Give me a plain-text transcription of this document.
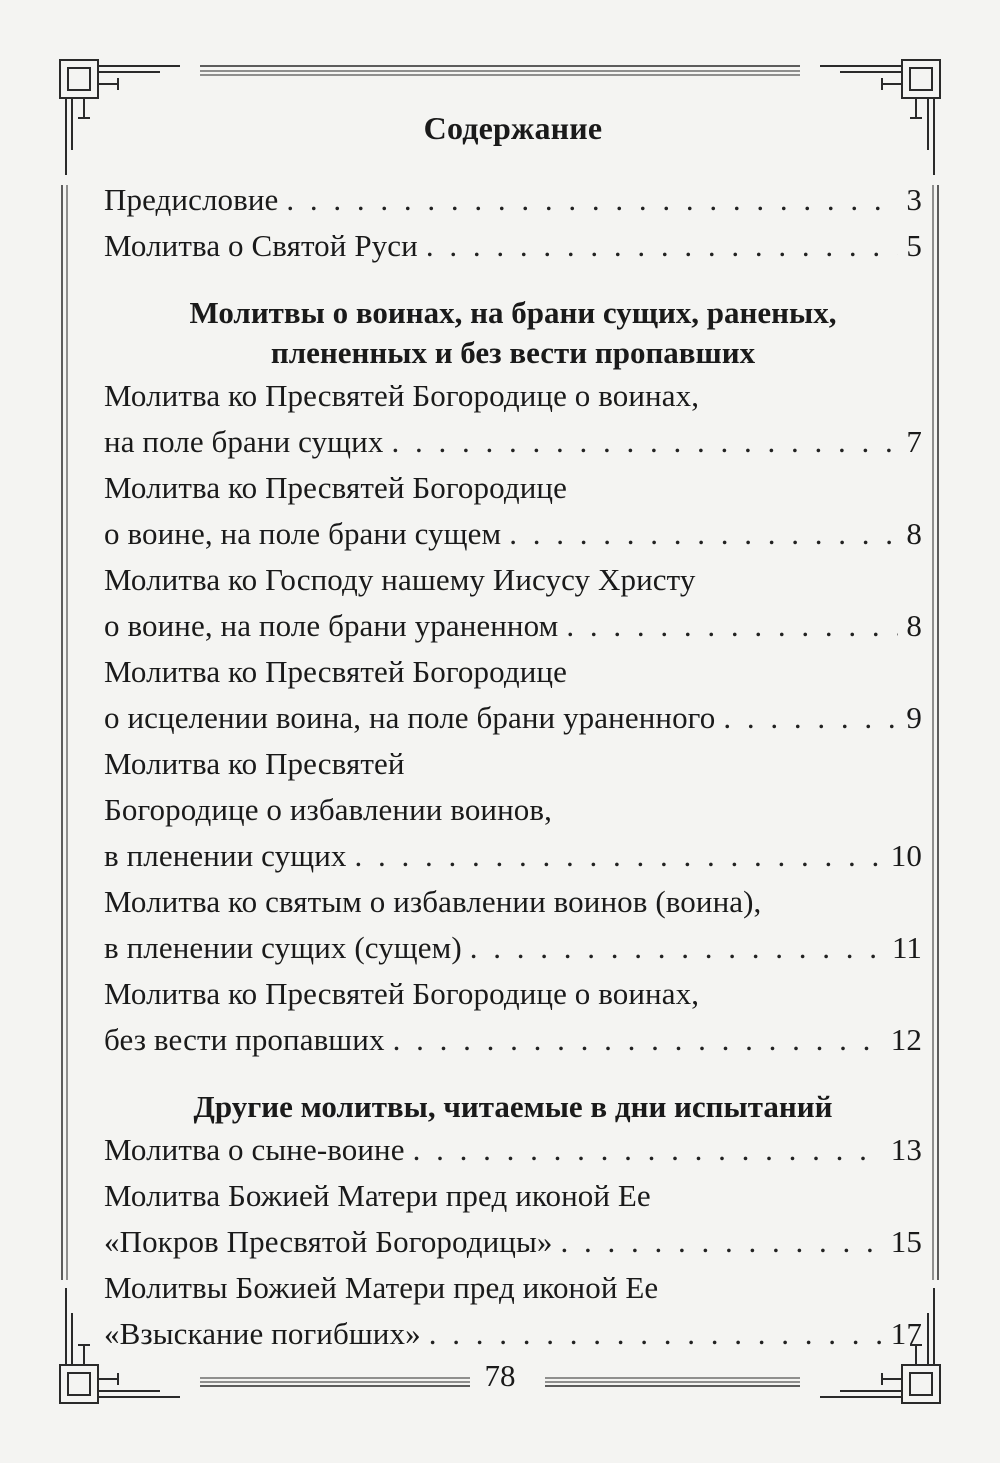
Содержание
Предисловие . . .	3
Молитва о Святой Руси . . .	5
Молитвы о воинах, на брани сущих, раненых,
плененных и без вести пропавших
Молитва ко Пресвятей Богородице о воинах,
на поле брани сущих . . .	7
Молитва ко Пресвятей Богородице
о воине, на поле брани сущем . . .	8
Молитва ко Господу нашему Иисусу Христу
о воине, на поле брани ураненном . . .	8
Молитва ко Пресвятей Богородице
о исцелении воина, на поле брани ураненного . . .	9
Молитва ко Пресвятей
Богородице о избавлении воинов,
в пленении сущих . . .	10
Молитва ко святым о избавлении воинов (воина),
в пленении сущих (сущем) . . .	11
Молитва ко Пресвятей Богородице о воинах,
без вести пропавших . . .	12
Другие молитвы, читаемые в дни испытаний
Молитва о сыне-воине . . .	13
Молитва Божией Матери пред иконой Ее
«Покров Пресвятой Богородицы» . . .	15
Молитвы Божией Матери пред иконой Ее
«Взыскание погибших» . . .	17
78
